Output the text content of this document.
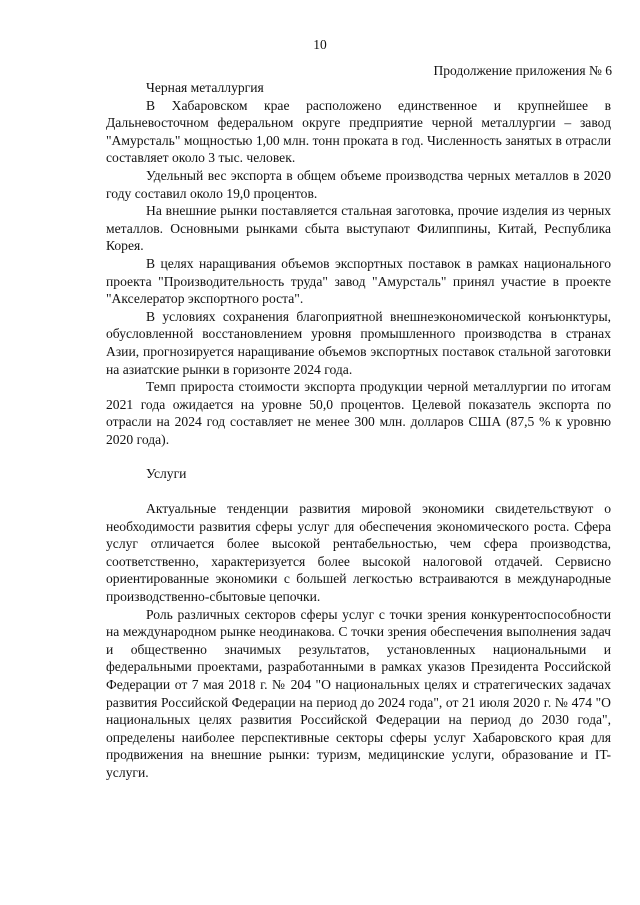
10
Продолжение приложения № 6

Черная металлургия

В Хабаровском крае расположено единственное и крупнейшее в Дальневосточном федеральном округе предприятие черной металлургии – завод "Амурсталь" мощностью 1,00 млн. тонн проката в год. Численность занятых в отрасли составляет около 3 тыс. человек.

Удельный вес экспорта в общем объеме производства черных металлов в 2020 году составил около 19,0 процентов.

На внешние рынки поставляется стальная заготовка, прочие изделия из черных металлов. Основными рынками сбыта выступают Филиппины, Китай, Республика Корея.

В целях наращивания объемов экспортных поставок в рамках национального проекта "Производительность труда" завод "Амурсталь" принял участие в проекте "Акселератор экспортного роста".

В условиях сохранения благоприятной внешнеэкономической конъюнктуры, обусловленной восстановлением уровня промышленного производства в странах Азии, прогнозируется наращивание объемов экспортных поставок стальной заготовки на азиатские рынки в горизонте 2024 года.

Темп прироста стоимости экспорта продукции черной металлургии по итогам 2021 года ожидается на уровне 50,0 процентов. Целевой показатель экспорта по отрасли на 2024 год составляет не менее 300 млн. долларов США (87,5 % к уровню 2020 года).

Услуги

Актуальные тенденции развития мировой экономики свидетельствуют о необходимости развития сферы услуг для обеспечения экономического роста. Сфера услуг отличается более высокой рентабельностью, чем сфера производства, соответственно, характеризуется более высокой налоговой отдачей. Сервисно ориентированные экономики с большей легкостью встраиваются в международные производственно-сбытовые цепочки.

Роль различных секторов сферы услуг с точки зрения конкурентоспособности на международном рынке неодинакова. С точки зрения обеспечения выполнения задач и общественно значимых результатов, установленных национальными и федеральными проектами, разработанными в рамках указов Президента Российской Федерации от 7 мая 2018 г. № 204 "О национальных целях и стратегических задачах развития Российской Федерации на период до 2024 года", от 21 июля 2020 г. № 474 "О национальных целях развития Российской Федерации на период до 2030 года", определены наиболее перспективные секторы сферы услуг Хабаровского края для продвижения на внешние рынки: туризм, медицинские услуги, образование и IT-услуги.
